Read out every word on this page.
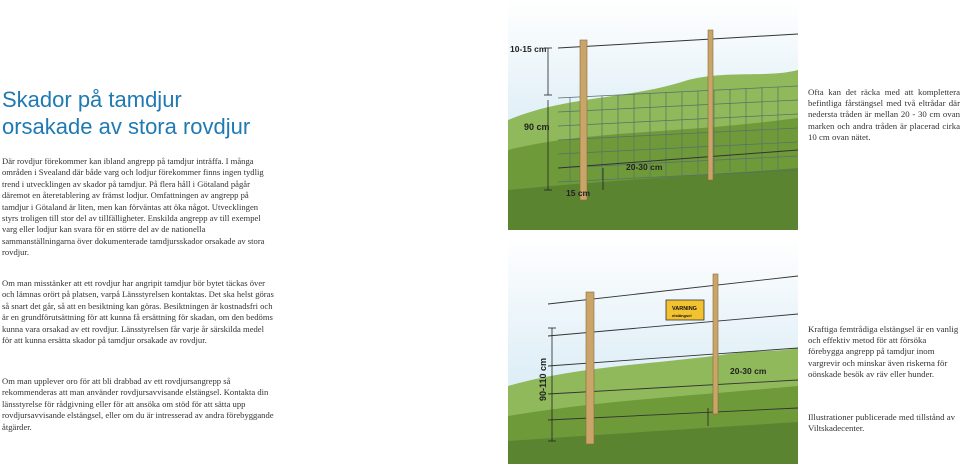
Skador på tamdjur
orsakade av stora rovdjur

Där rovdjur förekommer kan ibland angrepp på tamdjur inträffa. I många områden i Svealand där både varg och lodjur förekommer finns ingen tydlig trend i utvecklingen av skador på tamdjur. På flera håll i Götaland pågår däremot en återetablering av främst lodjur. Omfattningen av angrepp på tamdjur i Götaland är liten, men kan förväntas att öka något. Utvecklingen styrs troligen till stor del av tillfälligheter. Enskilda angrepp av till exempel varg eller lodjur kan svara för en större del av de nationella sammanställningarna över dokumenterade tamdjursskador orsakade av stora rovdjur.

Om man misstänker att ett rovdjur har angripit tamdjur bör bytet täckas över och lämnas orört på platsen, varpå Länsstyrelsen kontaktas. Det ska helst göras så snart det går, så att en besiktning kan göras. Besiktningen är kostnadsfri och är en grundförutsättning för att kunna få ersättning för skadan, om den bedöms kunna vara orsakad av ett rovdjur. Länsstyrelsen får varje år särskilda medel för att kunna ersätta skador på tamdjur orsakade av rovdjur.

Om man upplever oro för att bli drabbad av ett rovdjursangrepp så rekommenderas att man använder rovdjursavvisande elstängsel. Kontakta din länsstyrelse för rådgivning eller för att ansöka om stöd för att sätta upp rovdjursavvisande elstängsel, eller om du är intresserad av andra förebyggande åtgärder.

Ofta kan det räcka med att komplettera befintliga fårstängsel med två eltrådar där nedersta tråden är mellan 20 - 30 cm ovan marken och andra tråden är placerad cirka 10 cm ovan nätet.

Kraftiga femtrådiga elstängsel är en vanlig och effektiv metod för att försöka förebygga angrepp på tamdjur inom vargrevir och minskar även riskerna för oönskade besök av räv eller hunder.

Illustrationer publicerade med tillstånd av Viltskadecenter.

10-15 cm
90 cm
20-30 cm
15 cm
VARNING
elstängsel
90-110 cm	20-30 cm
